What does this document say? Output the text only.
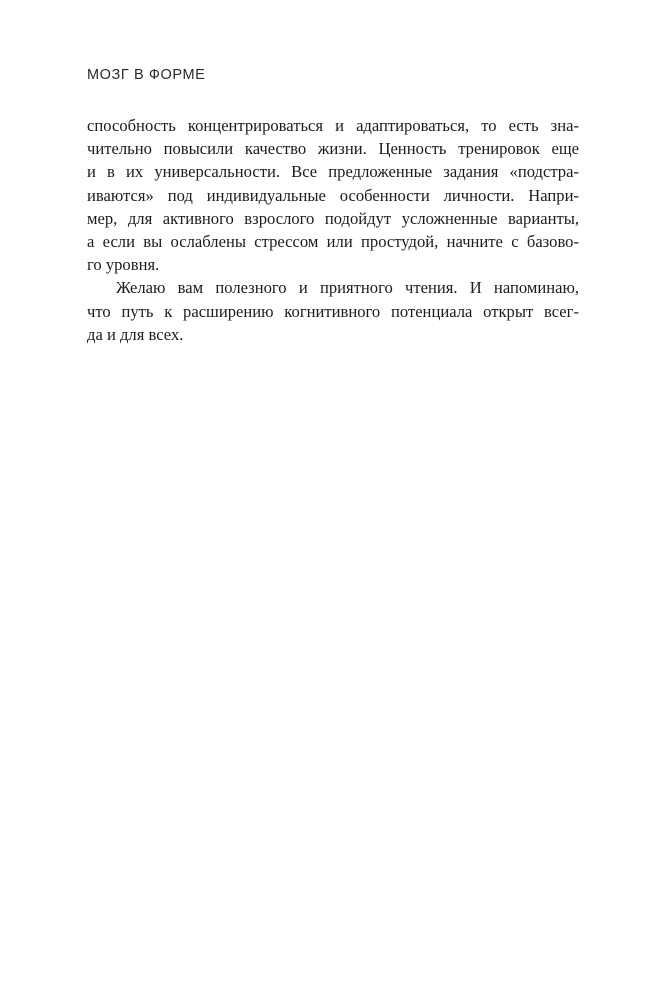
МОЗГ В ФОРМЕ
способность концентрироваться и адаптироваться, то есть зна-
чительно повысили качество жизни. Ценность тренировок еще
и в их универсальности. Все предложенные задания «подстра-
иваются» под индивидуальные особенности личности. Напри-
мер, для активного взрослого подойдут усложненные варианты,
а если вы ослаблены стрессом или простудой, начните с базово-
го уровня.
Желаю вам полезного и приятного чтения. И напоминаю,
что путь к расширению когнитивного потенциала открыт всег-
да и для всех.
